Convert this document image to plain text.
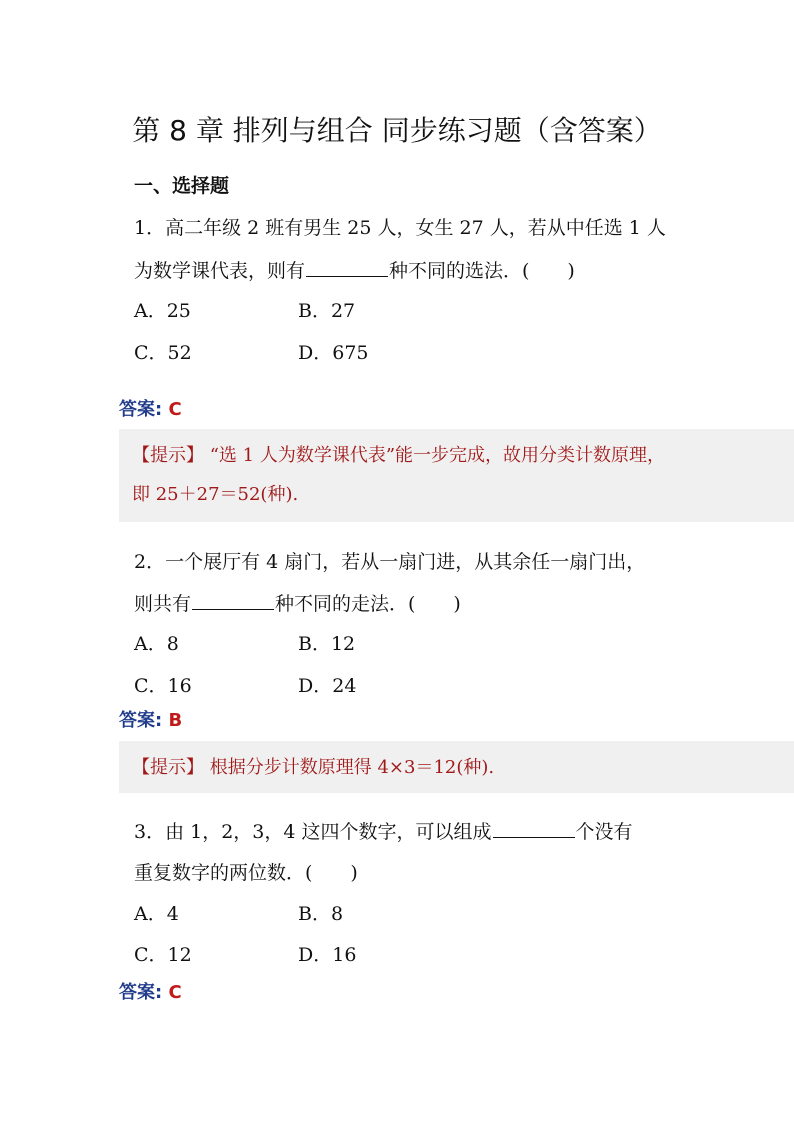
第 8 章 排列与组合 同步练习题（含答案）
一、选择题
1．高二年级 2 班有男生 25 人，女生 27 人，若从中任选 1 人
为数学课代表，则有	种不同的选法．(　　)
A．25	B．27
C．52	D．675
答案: C
【提示】 “选 1 人为数学课代表”能一步完成，故用分类计数原理，
即 25＋27＝52(种).
2．一个展厅有 4 扇门，若从一扇门进，从其余任一扇门出，
则共有	种不同的走法．(　　)
A．8	B．12
C．16	D．24
答案: B
【提示】 根据分步计数原理得 4×3＝12(种).
3．由 1，2，3，4 这四个数字，可以组成	个没有
重复数字的两位数．(　　)
A．4	B．8
C．12	D．16
答案: C
